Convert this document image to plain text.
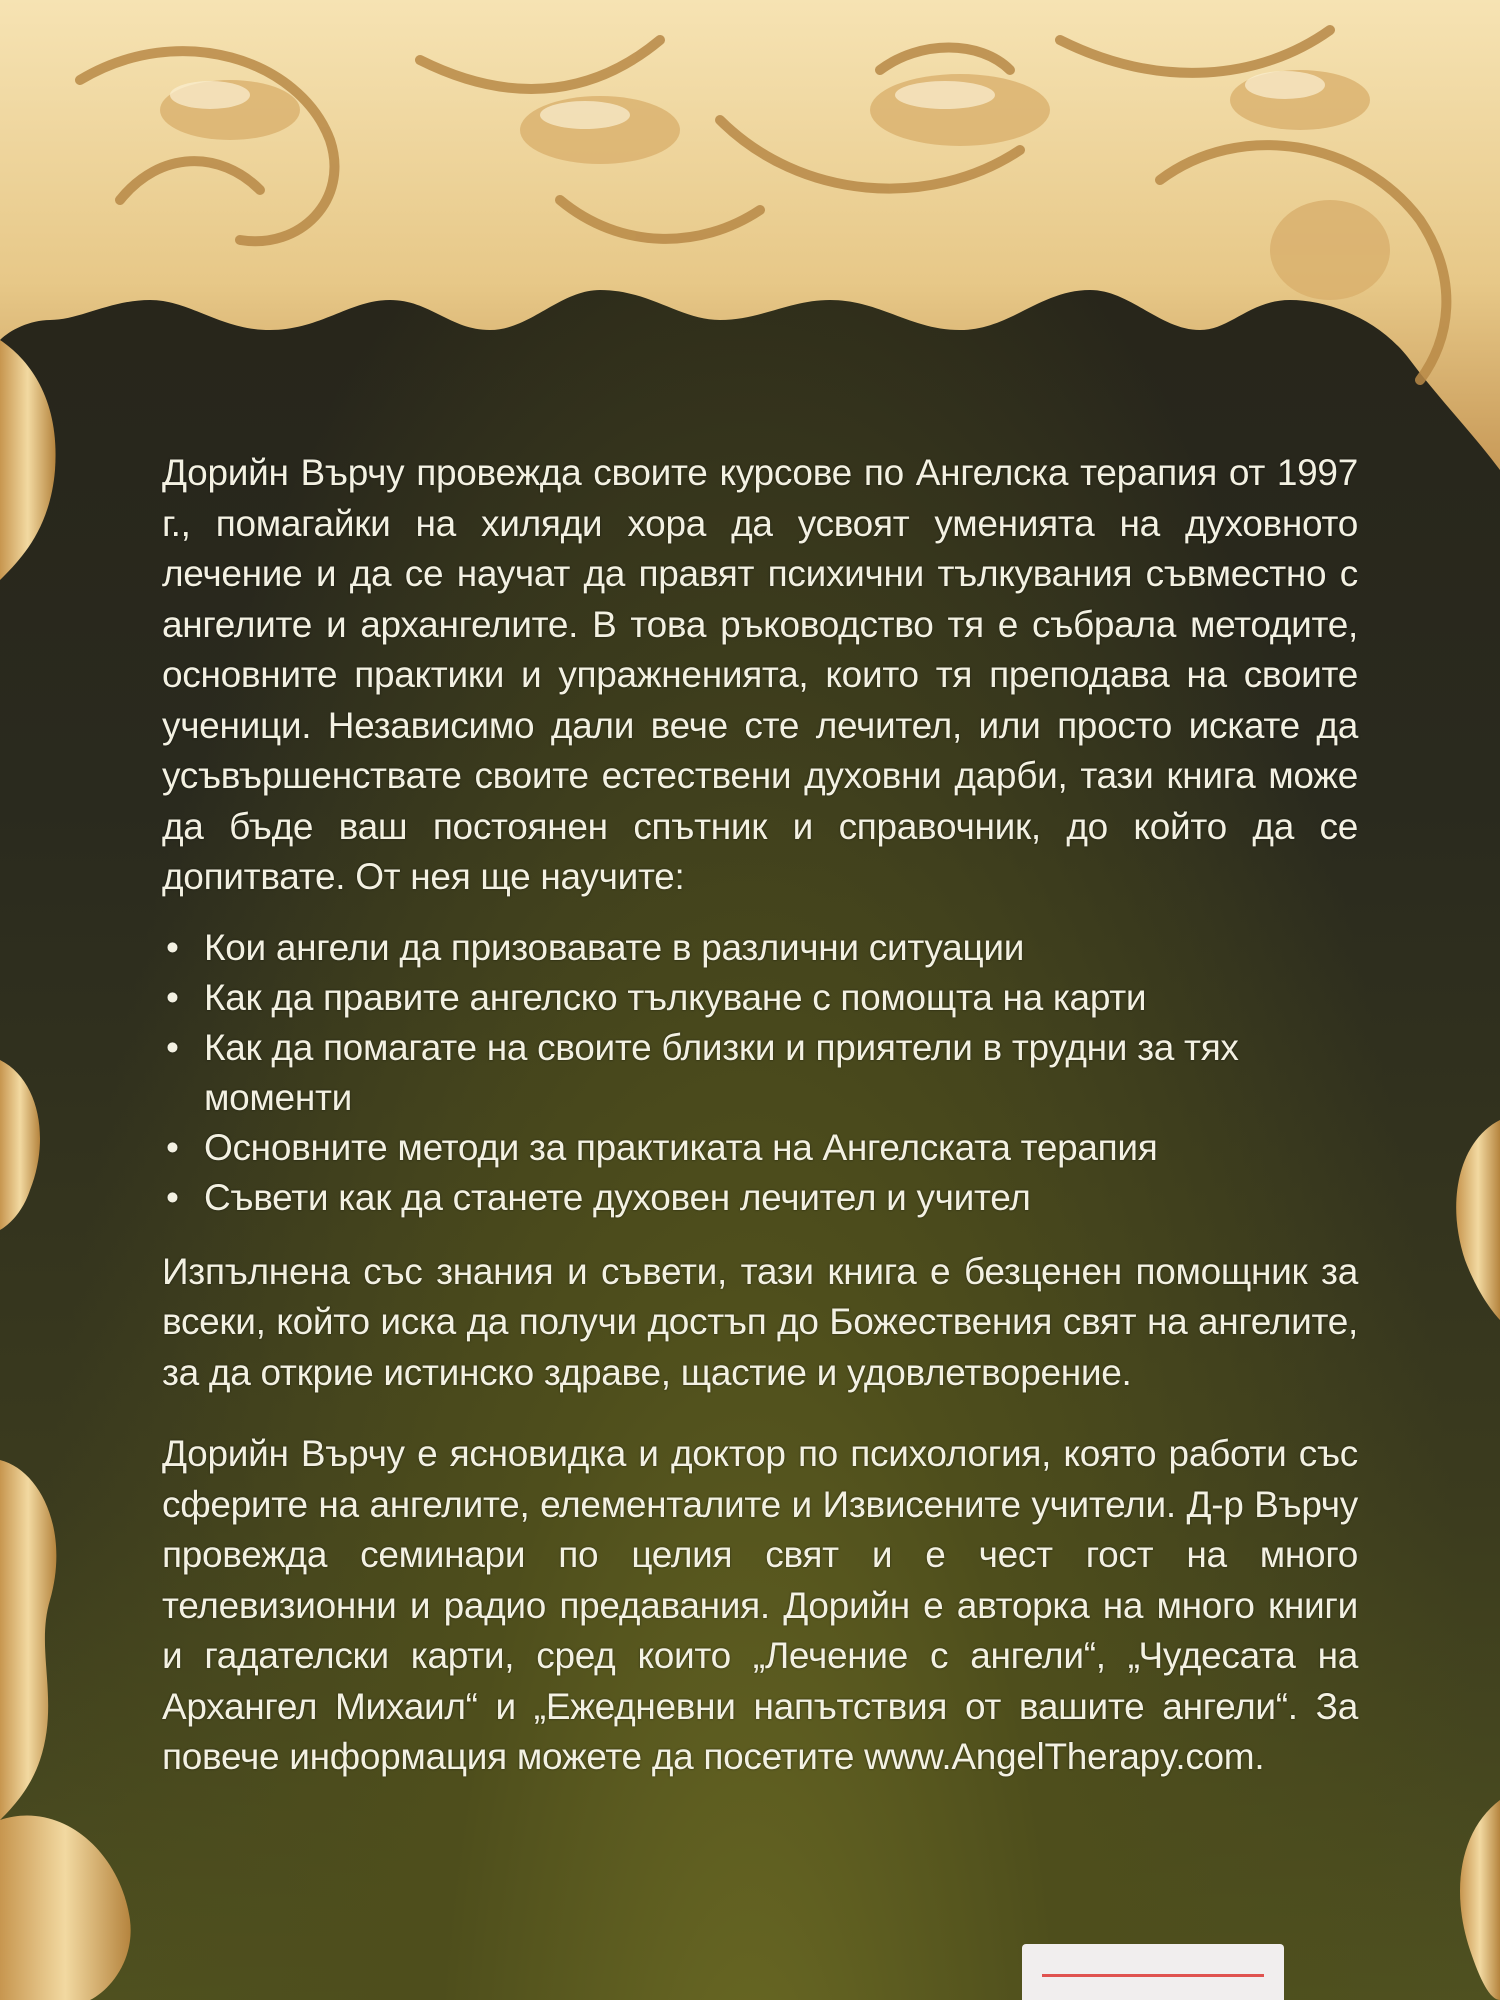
Дорийн Върчу провежда своите курсове по Ангелска терапия от 1997 г., помагайки на хиляди хора да усвоят уменията на духовното лечение и да се научат да правят психични тълкувания съвместно с ангелите и архангелите. В това ръководство тя е събрала методите, основните практики и упражненията, които тя преподава на своите ученици. Независимо дали вече сте лечител, или просто искате да усъвършенствате своите естествени духовни дарби, тази книга може да бъде ваш постоянен спътник и справочник, до който да се допитвате. От нея ще научите:

• Кои ангели да призовавате в различни ситуации
• Как да правите ангелско тълкуване с помощта на карти
• Как да помагате на своите близки и приятели в трудни за тях моменти
• Основните методи за практиката на Ангелската терапия
• Съвети как да станете духовен лечител и учител

Изпълнена със знания и съвети, тази книга е безценен помощник за всеки, който иска да получи достъп до Божествения свят на ангелите, за да открие истинско здраве, щастие и удовлетворение.

Дорийн Върчу е ясновидка и доктор по психология, която работи със сферите на ангелите, елементалите и Извисените учители. Д-р Върчу провежда семинари по целия свят и е чест гост на много телевизионни и радио предавания. Дорийн е авторка на много книги и гадателски карти, сред които „Лечение с ангели“, „Чудесата на Архангел Михаил“ и „Ежедневни напътствия от вашите ангели“. За повече информация можете да посетите www.AngelTherapy.com.
